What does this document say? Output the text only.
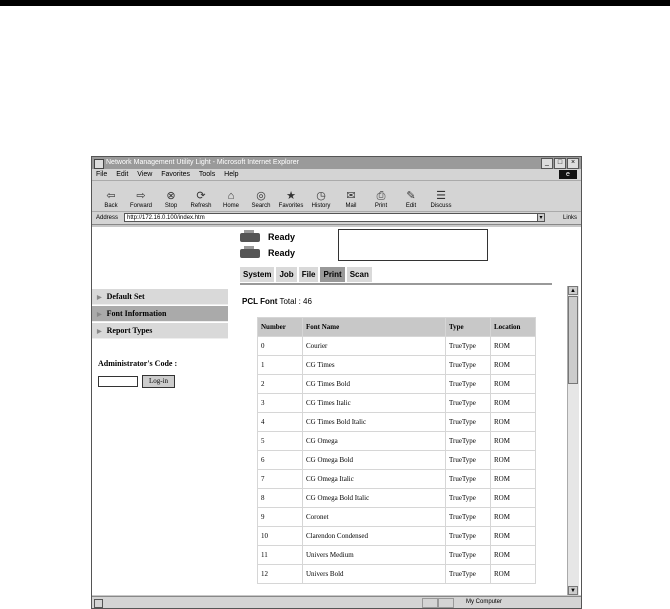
Network Management Utility Light - Microsoft Internet Explorer	_	□	×
File Edit View Favorites Tools Help	e
⇦
Back
⇨
Forward
⊗
Stop
⟳
Refresh
⌂
Home
◎
Search
★
Favorites
◷
History
✉
Mail
⎙
Print
✎
Edit
☰
Discuss
Address	http://172.16.0.100/index.htm	▾	Links
▶ Default Set
▶ Font Information
▶ Report Types
Administrator's Code :
Log-in
Ready
Ready
System	Job	File	Print	Scan
PCL Font Total : 46
Number	Font Name	Type	Location
0	Courier	TrueType	ROM
1	CG Times	TrueType	ROM
2	CG Times Bold	TrueType	ROM
3	CG Times Italic	TrueType	ROM
4	CG Times Bold Italic	TrueType	ROM
5	CG Omega	TrueType	ROM
6	CG Omega Bold	TrueType	ROM
7	CG Omega Italic	TrueType	ROM
8	CG Omega Bold Italic	TrueType	ROM
9	Coronet	TrueType	ROM
10	Clarendon Condensed	TrueType	ROM
11	Univers Medium	TrueType	ROM
12	Univers Bold	TrueType	ROM
▲
▼
My Computer
